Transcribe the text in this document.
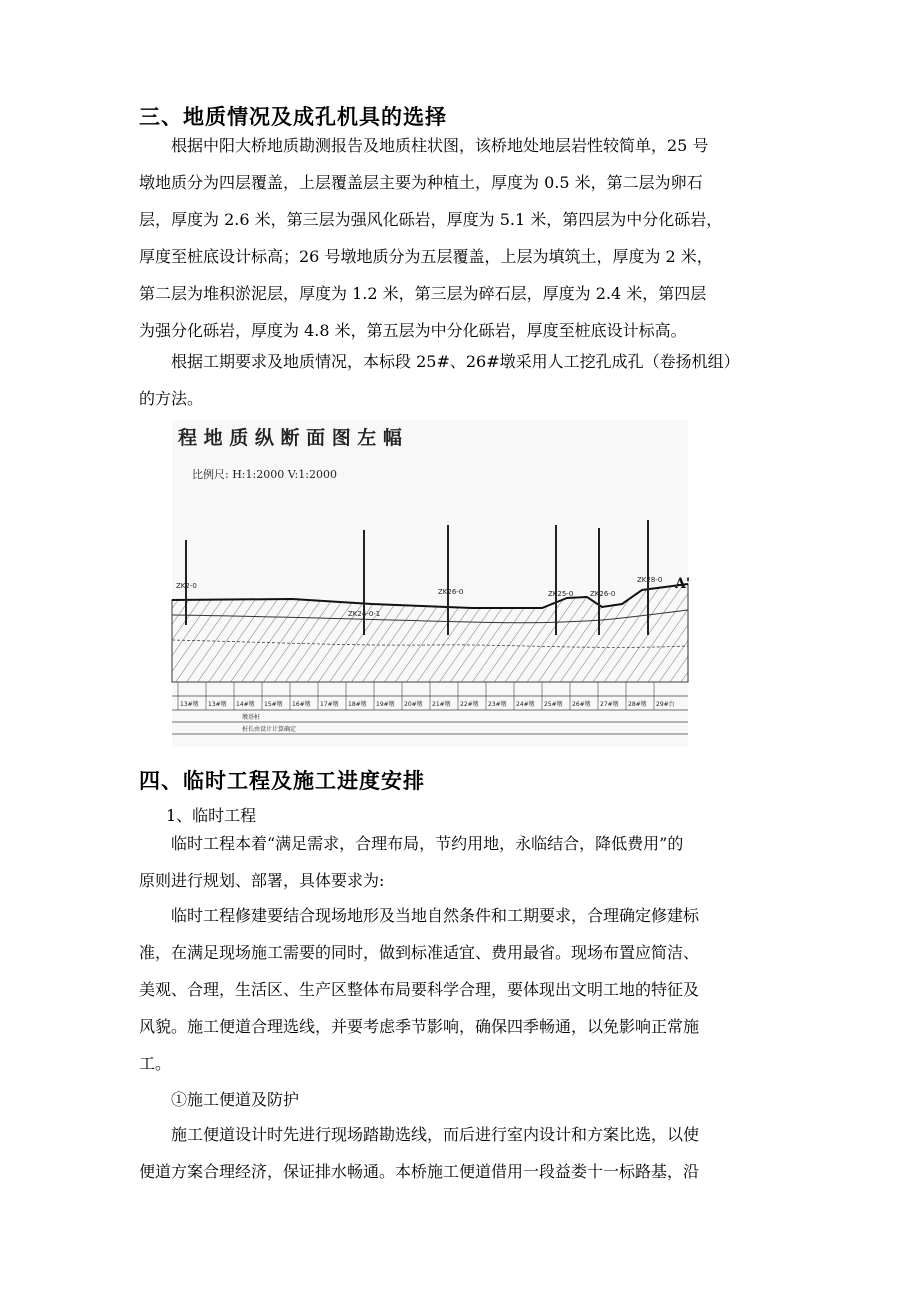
三、地质情况及成孔机具的选择
根据中阳大桥地质勘测报告及地质柱状图，该桥地处地层岩性较简单，25 号
墩地质分为四层覆盖，上层覆盖层主要为种植土，厚度为 0.5 米，第二层为卵石
层，厚度为 2.6 米，第三层为强风化砾岩，厚度为 5.1 米，第四层为中分化砾岩，
厚度至桩底设计标高；26 号墩地质分为五层覆盖，上层为填筑土，厚度为 2 米，
第二层为堆积淤泥层，厚度为 1.2 米，第三层为碎石层，厚度为 2.4 米，第四层
为强分化砾岩，厚度为 4.8 米，第五层为中分化砾岩，厚度至桩底设计标高。
根据工期要求及地质情况，本标段 25#、26#墩采用人工挖孔成孔（卷扬机组）
的方法。
程 地 质 纵 断 面 图 左 幅
比例尺: H:1:2000 V:1:2000
ZK2-0
ZK24-0-1
ZK26-0	ZK25-0 ZK26-0
ZK28-0 A'
13#墩 13#墩 14#墩 15#墩 16#墩 17#墩 18#墩 19#墩 20#墩 21#墩 22#墩 23#墩 24#墩 25#墩 26#墩 27#墩 28#墩 29#台
墩基桩
桩长由设计计算确定
四、临时工程及施工进度安排
1、临时工程
临时工程本着“满足需求，合理布局，节约用地，永临结合，降低费用”的
原则进行规划、部署，具体要求为:
临时工程修建要结合现场地形及当地自然条件和工期要求，合理确定修建标
准，在满足现场施工需要的同时，做到标准适宜、费用最省。现场布置应简洁、
美观、合理，生活区、生产区整体布局要科学合理，要体现出文明工地的特征及
风貌。施工便道合理选线，并要考虑季节影响，确保四季畅通，以免影响正常施
工。
①施工便道及防护
施工便道设计时先进行现场踏勘选线，而后进行室内设计和方案比选，以使
便道方案合理经济，保证排水畅通。本桥施工便道借用一段益娄十一标路基，沿
